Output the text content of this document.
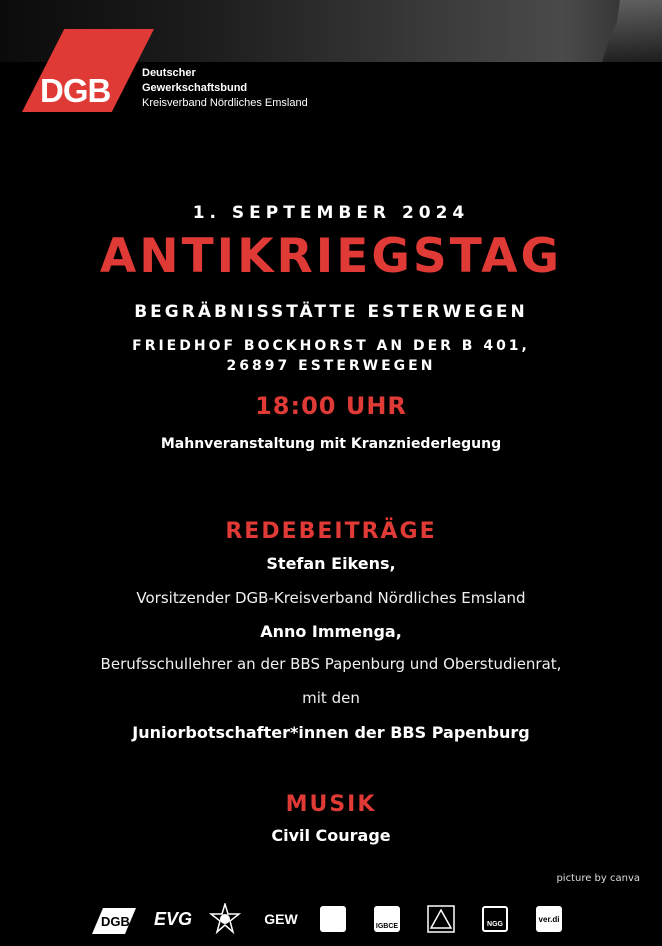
DGB	Deutscher
Gewerkschaftsbund
Kreisverband Nördliches Emsland
1. SEPTEMBER 2024
ANTIKRIEGSTAG
BEGRÄBNISSTÄTTE ESTERWEGEN
FRIEDHOF BOCKHORST AN DER B 401,
26897 ESTERWEGEN
18:00 UHR
Mahnveranstaltung mit Kranzniederlegung
REDEBEITRÄGE
Stefan Eikens,
Vorsitzender DGB-Kreisverband Nördliches Emsland
Anno Immenga,
Berufsschullehrer an der BBS Papenburg und Oberstudienrat,
mit den
Juniorbotschafter*innen der BBS Papenburg
MUSIK
Civil Courage
picture by canva
DGB	EVG	GEW	IGBCE	NGG
ver.di
